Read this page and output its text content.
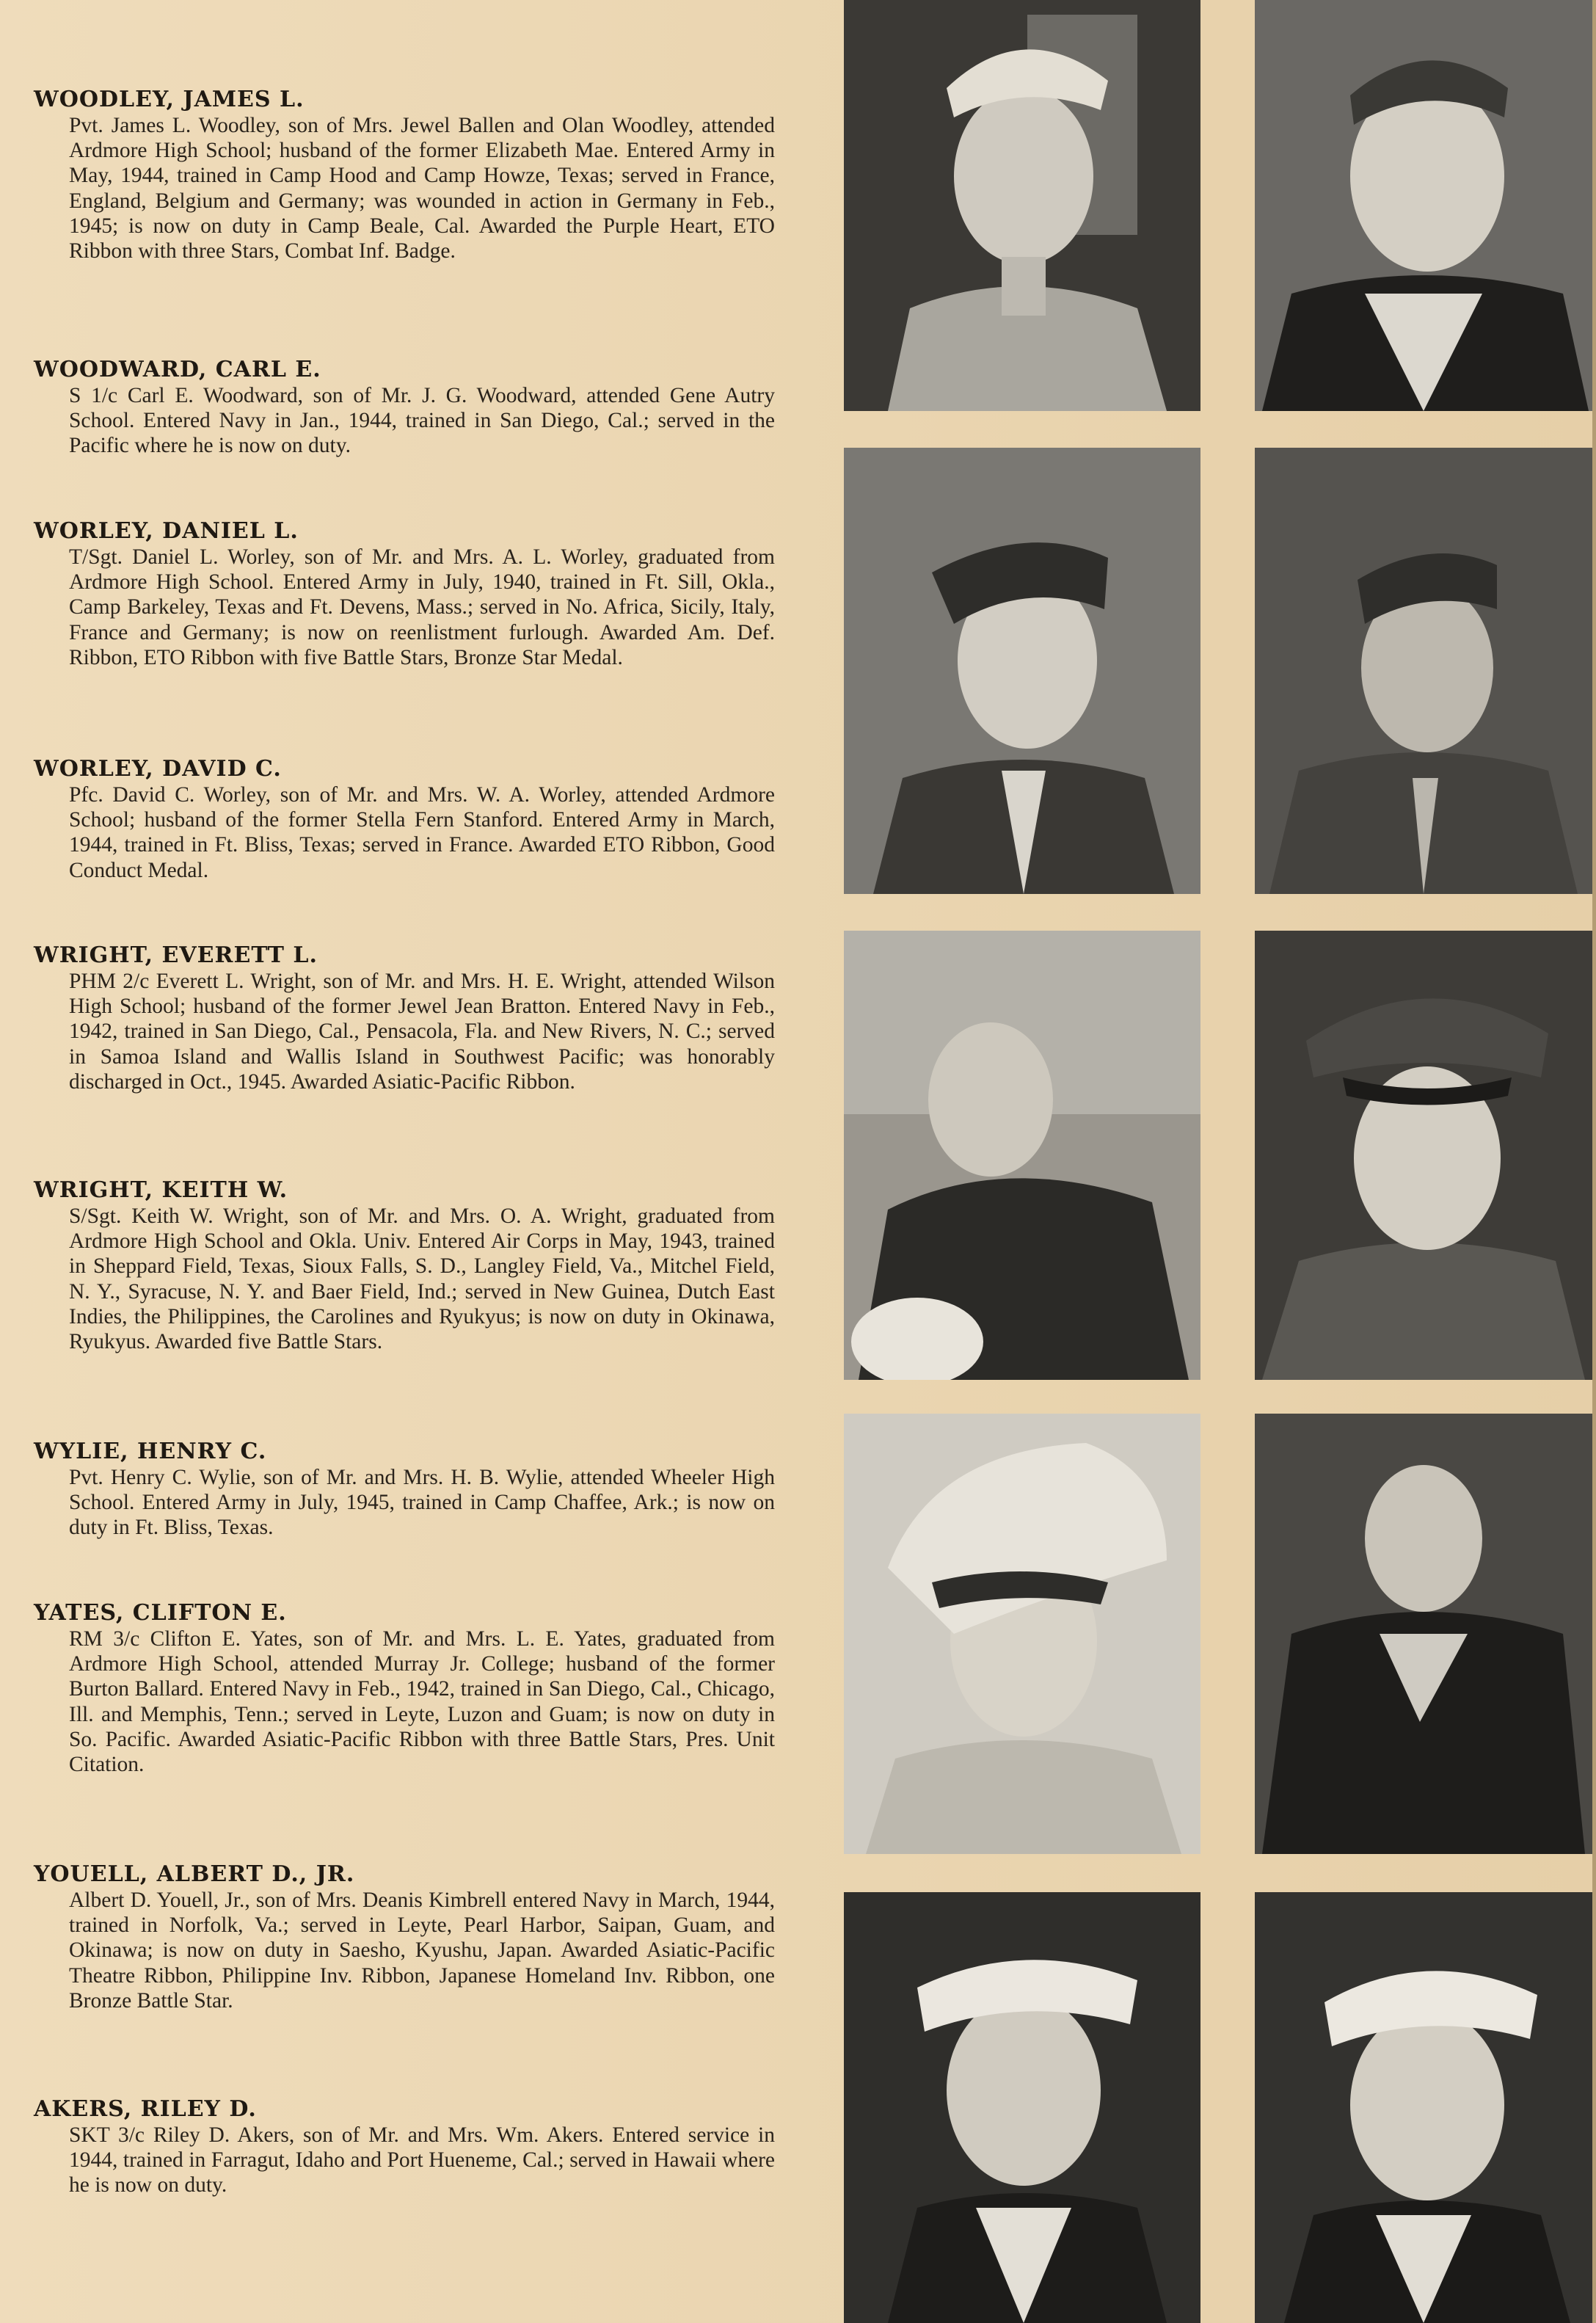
WOODLEY, JAMES L.

Pvt. James L. Woodley, son of Mrs. Jewel Ballen and Olan Woodley, attended Ardmore High School; husband of the former Elizabeth Mae. Entered Army in May, 1944, trained in Camp Hood and Camp Howze, Texas; served in France, England, Belgium and Germany; was wounded in action in Germany in Feb., 1945; is now on duty in Camp Beale, Cal. Awarded the Purple Heart, ETO Ribbon with three Stars, Combat Inf. Badge.

WOODWARD, CARL E.

S 1/c Carl E. Woodward, son of Mr. J. G. Woodward, attended Gene Autry School. Entered Navy in Jan., 1944, trained in San Diego, Cal.; served in the Pacific where he is now on duty.

WORLEY, DANIEL L.

T/Sgt. Daniel L. Worley, son of Mr. and Mrs. A. L. Worley, graduated from Ardmore High School. Entered Army in July, 1940, trained in Ft. Sill, Okla., Camp Barkeley, Texas and Ft. Devens, Mass.; served in No. Africa, Sicily, Italy, France and Germany; is now on reenlistment furlough. Awarded Am. Def. Ribbon, ETO Ribbon with five Battle Stars, Bronze Star Medal.

WORLEY, DAVID C.

Pfc. David C. Worley, son of Mr. and Mrs. W. A. Worley, attended Ardmore School; husband of the former Stella Fern Stanford. Entered Army in March, 1944, trained in Ft. Bliss, Texas; served in France. Awarded ETO Ribbon, Good Conduct Medal.

WRIGHT, EVERETT L.

PHM 2/c Everett L. Wright, son of Mr. and Mrs. H. E. Wright, attended Wilson High School; husband of the former Jewel Jean Bratton. Entered Navy in Feb., 1942, trained in San Diego, Cal., Pensacola, Fla. and New Rivers, N. C.; served in Samoa Island and Wallis Island in Southwest Pacific; was honorably discharged in Oct., 1945. Awarded Asiatic-Pacific Ribbon.

WRIGHT, KEITH W.

S/Sgt. Keith W. Wright, son of Mr. and Mrs. O. A. Wright, graduated from Ardmore High School and Okla. Univ. Entered Air Corps in May, 1943, trained in Sheppard Field, Texas, Sioux Falls, S. D., Langley Field, Va., Mitchel Field, N. Y., Syracuse, N. Y. and Baer Field, Ind.; served in New Guinea, Dutch East Indies, the Philippines, the Carolines and Ryukyus; is now on duty in Okinawa, Ryukyus. Awarded five Battle Stars.

WYLIE, HENRY C.

Pvt. Henry C. Wylie, son of Mr. and Mrs. H. B. Wylie, attended Wheeler High School. Entered Army in July, 1945, trained in Camp Chaffee, Ark.; is now on duty in Ft. Bliss, Texas.

YATES, CLIFTON E.

RM 3/c Clifton E. Yates, son of Mr. and Mrs. L. E. Yates, graduated from Ardmore High School, attended Murray Jr. College; husband of the former Burton Ballard. Entered Navy in Feb., 1942, trained in San Diego, Cal., Chicago, Ill. and Memphis, Tenn.; served in Leyte, Luzon and Guam; is now on duty in So. Pacific. Awarded Asiatic-Pacific Ribbon with three Battle Stars, Pres. Unit Citation.

YOUELL, ALBERT D., JR.

Albert D. Youell, Jr., son of Mrs. Deanis Kimbrell entered Navy in March, 1944, trained in Norfolk, Va.; served in Leyte, Pearl Harbor, Saipan, Guam, and Okinawa; is now on duty in Saesho, Kyushu, Japan. Awarded Asiatic-Pacific Theatre Ribbon, Philippine Inv. Ribbon, Japanese Homeland Inv. Ribbon, one Bronze Battle Star.

AKERS, RILEY D.

SKT 3/c Riley D. Akers, son of Mr. and Mrs. Wm. Akers. Entered service in 1944, trained in Farragut, Idaho and Port Hueneme, Cal.; served in Hawaii where he is now on duty.
